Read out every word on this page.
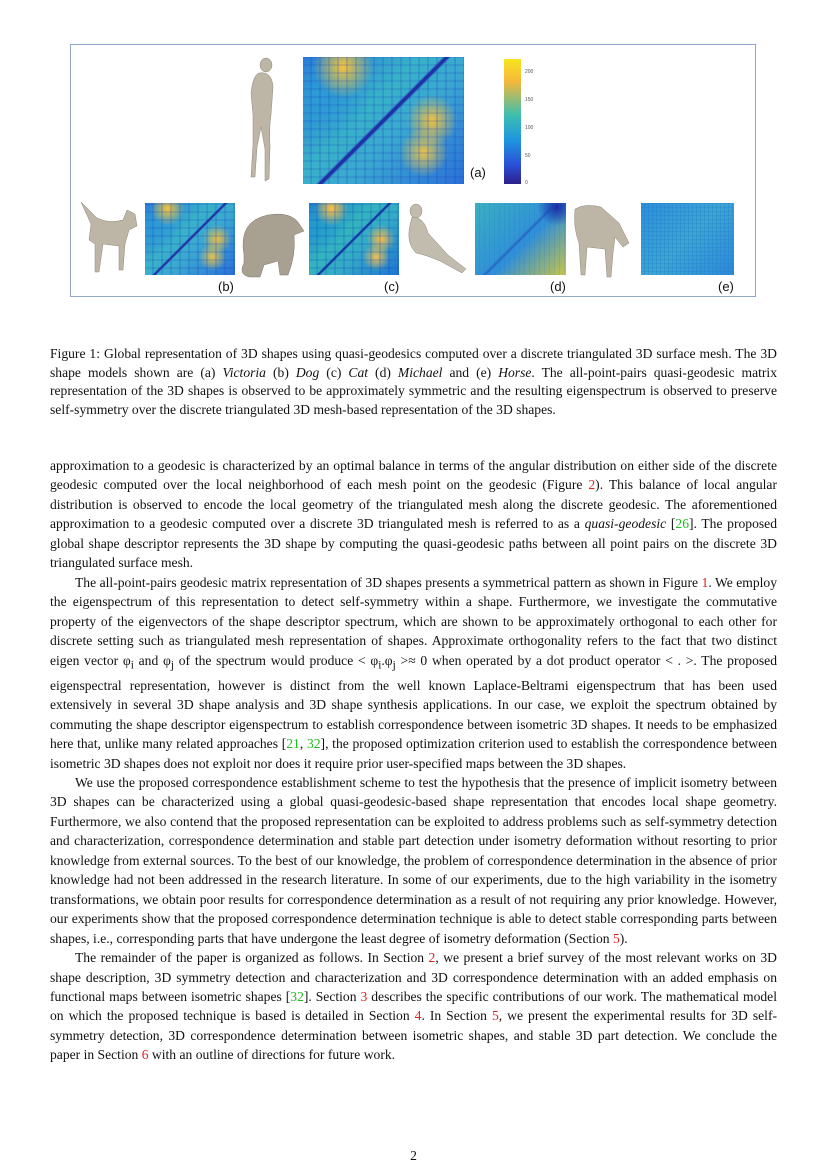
(a)
200
150
100
50
0
(b)	(c)	(d)	(e)
Figure 1: Global representation of 3D shapes using quasi-geodesics computed over a discrete triangulated 3D surface mesh. The 3D shape models shown are (a) Victoria (b) Dog (c) Cat (d) Michael and (e) Horse. The all-point-pairs quasi-geodesic matrix representation of the 3D shapes is observed to be approximately symmetric and the resulting eigenspectrum is observed to preserve self-symmetry over the discrete triangulated 3D mesh-based representation of the 3D shapes.

approximation to a geodesic is characterized by an optimal balance in terms of the angular distribution on either side of the discrete geodesic computed over the local neighborhood of each mesh point on the geodesic (Figure 2). This balance of local angular distribution is observed to encode the local geometry of the triangulated mesh along the discrete geodesic. The aforementioned approximation to a geodesic computed over a discrete 3D triangulated mesh is referred to as a quasi-geodesic [26]. The proposed global shape descriptor represents the 3D shape by computing the quasi-geodesic paths between all point pairs on the discrete 3D triangulated surface mesh.

The all-point-pairs geodesic matrix representation of 3D shapes presents a symmetrical pattern as shown in Figure 1. We employ the eigenspectrum of this representation to detect self-symmetry within a shape. Furthermore, we investigate the commutative property of the eigenvectors of the shape descriptor spectrum, which are shown to be approximately orthogonal to each other for discrete setting such as triangulated mesh representation of shapes. Approximate orthogonality refers to the fact that two distinct eigen vector $\varphi_i$ and $\varphi_j$ of the spectrum would produce < $\varphi_i.\varphi_j >\approx 0$ when operated by a dot product operator < . >. The proposed eigenspectral representation, however is distinct from the well known Laplace-Beltrami eigenspectrum that has been used extensively in several 3D shape analysis and 3D shape synthesis applications. In our case, we exploit the spectrum obtained by commuting the shape descriptor eigenspectrum to establish correspondence between isometric 3D shapes. It needs to be emphasized here that, unlike many related approaches [21, 32], the proposed optimization criterion used to establish the correspondence between isometric 3D shapes does not exploit nor does it require prior user-specified maps between the 3D shapes.

We use the proposed correspondence establishment scheme to test the hypothesis that the presence of implicit isometry between 3D shapes can be characterized using a global quasi-geodesic-based shape representation that encodes local shape geometry. Furthermore, we also contend that the proposed representation can be exploited to address problems such as self-symmetry detection and characterization, correspondence determination and stable part detection under isometry deformation without resorting to prior knowledge from external sources. To the best of our knowledge, the problem of correspondence determination in the absence of prior knowledge had not been addressed in the research literature. In some of our experiments, due to the high variability in the isometry transformations, we obtain poor results for correspondence determination as a result of not requiring any prior knowledge. However, our experiments show that the proposed correspondence determination technique is able to detect stable corresponding parts between shapes, i.e., corresponding parts that have undergone the least degree of isometry deformation (Section 5).

The remainder of the paper is organized as follows. In Section 2, we present a brief survey of the most relevant works on 3D shape description, 3D symmetry detection and characterization and 3D correspondence determination with an added emphasis on functional maps between isometric shapes [32]. Section 3 describes the specific contributions of our work. The mathematical model on which the proposed technique is based is detailed in Section 4. In Section 5, we present the experimental results for 3D self-symmetry detection, 3D correspondence determination between isometric shapes, and stable 3D part detection. We conclude the paper in Section 6 with an outline of directions for future work.

2
